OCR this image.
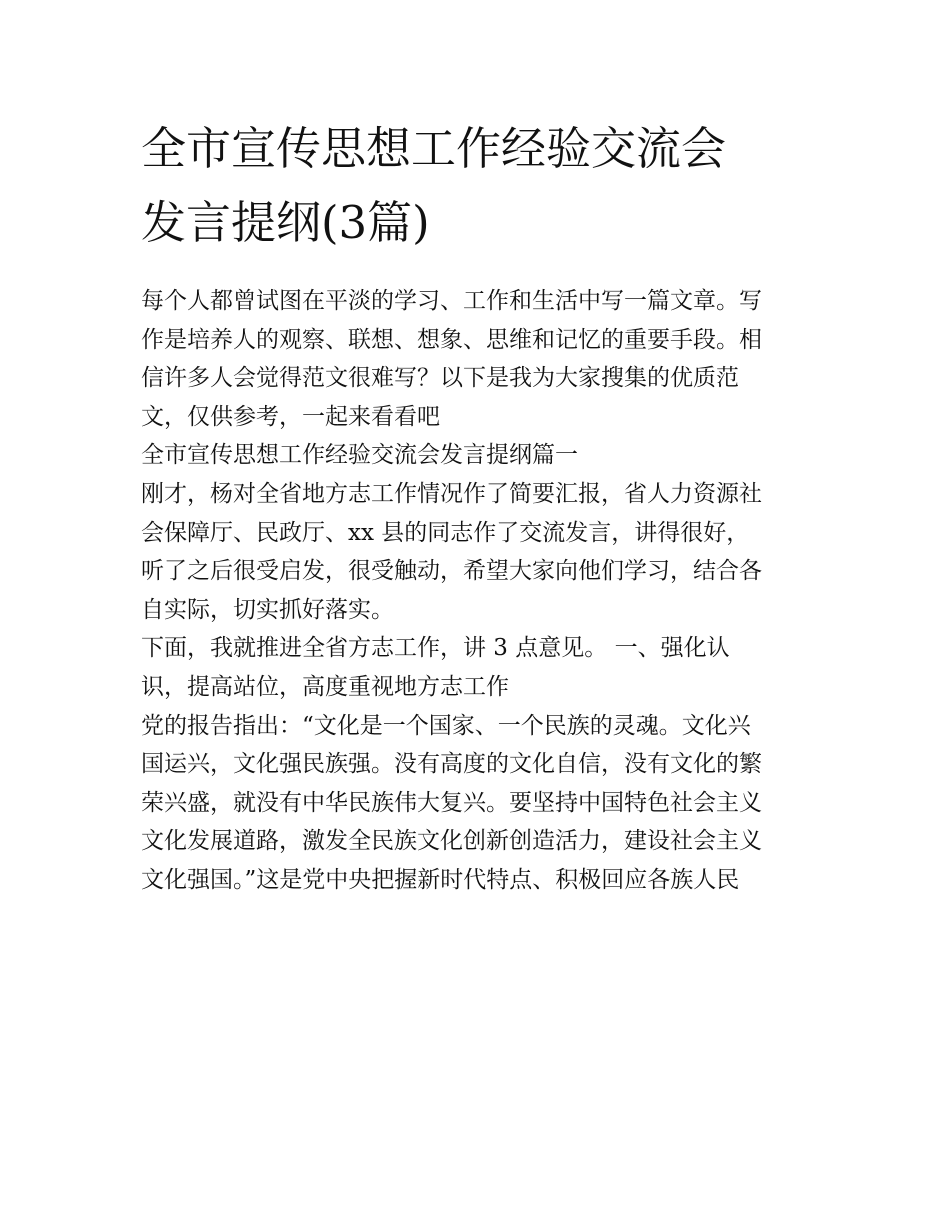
全市宣传思想工作经验交流会
发言提纲(3篇)
每个人都曾试图在平淡的学习、工作和生活中写一篇文章。写
作是培养人的观察、联想、想象、思维和记忆的重要手段。相
信许多人会觉得范文很难写？以下是我为大家搜集的优质范
文，仅供参考，一起来看看吧
全市宣传思想工作经验交流会发言提纲篇一
刚才，杨对全省地方志工作情况作了简要汇报，省人力资源社
会保障厅、民政厅、xx 县的同志作了交流发言，讲得很好，
听了之后很受启发，很受触动，希望大家向他们学习，结合各
自实际，切实抓好落实。
下面，我就推进全省方志工作，讲 3 点意见。 一、强化认
识，提高站位，高度重视地方志工作
党的报告指出：“文化是一个国家、一个民族的灵魂。文化兴
国运兴，文化强民族强。没有高度的文化自信，没有文化的繁
荣兴盛，就没有中华民族伟大复兴。要坚持中国特色社会主义
文化发展道路，激发全民族文化创新创造活力，建设社会主义
文化强国。”这是党中央把握新时代特点、积极回应各族人民
